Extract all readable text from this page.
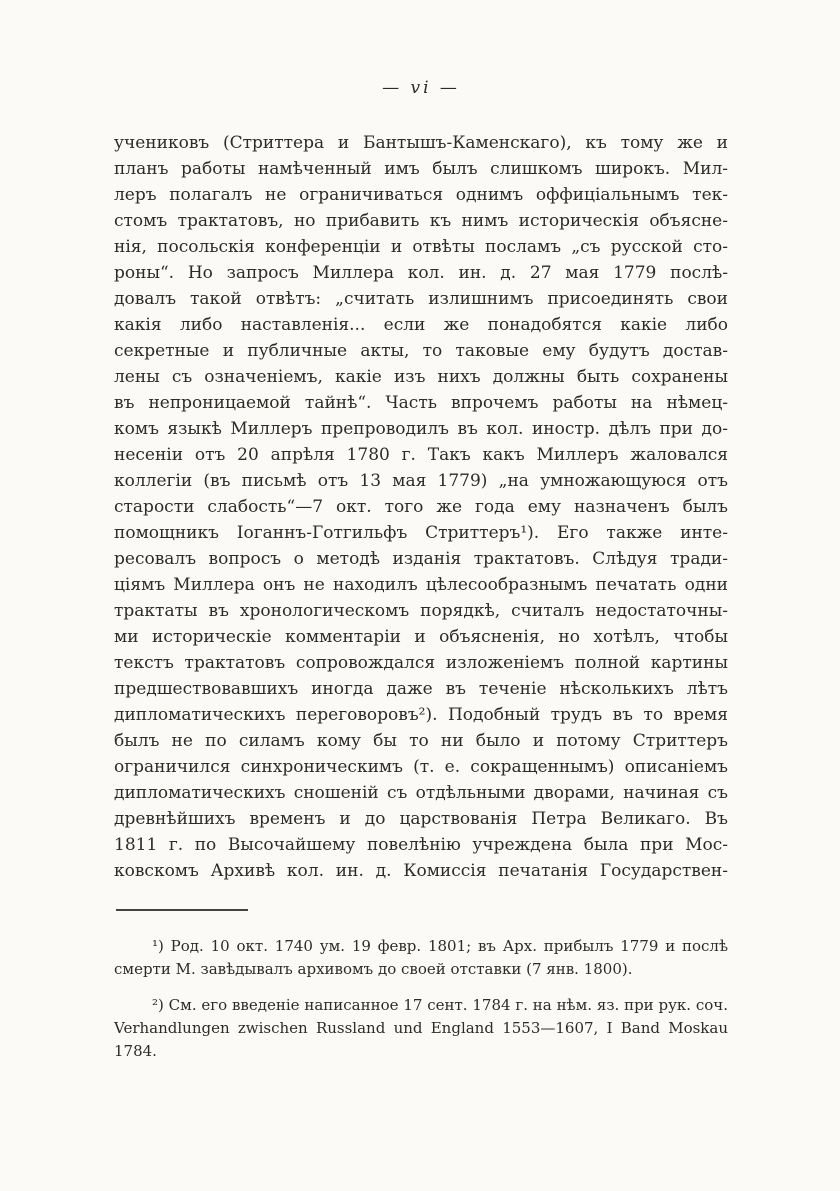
— vi —
учениковъ (Стриттера и Бантышъ-Каменскаго), къ тому же и
планъ работы намѣченный имъ былъ слишкомъ широкъ. Мил-
леръ полагалъ не ограничиваться однимъ оффиціальнымъ тек-
стомъ трактатовъ, но прибавить къ нимъ историческія объясне-
нія, посольскія конференціи и отвѣты посламъ „съ русской сто-
роны“. Но запросъ Миллера кол. ин. д. 27 мая 1779 послѣ-
довалъ такой отвѣтъ: „считать излишнимъ присоединять свои
какія либо наставленія... если же понадобятся какіе либо
секретные и публичные акты, то таковые ему будутъ достав-
лены съ означеніемъ, какіе изъ нихъ должны быть сохранены
въ непроницаемой тайнѣ“. Часть впрочемъ работы на нѣмец-
комъ языкѣ Миллеръ препроводилъ въ кол. иностр. дѣлъ при до-
несеніи отъ 20 апрѣля 1780 г. Такъ какъ Миллеръ жаловался
коллегіи (въ письмѣ отъ 13 мая 1779) „на умножающуюся отъ
старости слабость“—7 окт. того же года ему назначенъ былъ
помощникъ Іоганнъ-Готгильфъ Стриттеръ¹). Его также инте-
ресовалъ вопросъ о методѣ изданія трактатовъ. Слѣдуя тради-
ціямъ Миллера онъ не находилъ цѣлесообразнымъ печатать одни
трактаты въ хронологическомъ порядкѣ, считалъ недостаточны-
ми историческіе комментаріи и объясненія, но хотѣлъ, чтобы
текстъ трактатовъ сопровождался изложеніемъ полной картины
предшествовавшихъ иногда даже въ теченіе нѣсколькихъ лѣтъ
дипломатическихъ переговоровъ²). Подобный трудъ въ то время
былъ не по силамъ кому бы то ни было и потому Стриттеръ
ограничился синхроническимъ (т. е. сокращеннымъ) описаніемъ
дипломатическихъ сношеній съ отдѣльными дворами, начиная съ
древнѣйшихъ временъ и до царствованія Петра Великаго. Въ
1811 г. по Высочайшему повелѣнію учреждена была при Мос-
ковскомъ Архивѣ кол. ин. д. Комиссія печатанія Государствен-

¹) Род. 10 окт. 1740 ум. 19 февр. 1801; въ Арх. прибылъ 1779 и послѣ смерти М. завѣдывалъ архивомъ до своей отставки (7 янв. 1800).

²) См. его введеніе написанное 17 сент. 1784 г. на нѣм. яз. при рук. соч. Verhandlungen zwischen Russland und England 1553—1607, I Band Moskau 1784.
